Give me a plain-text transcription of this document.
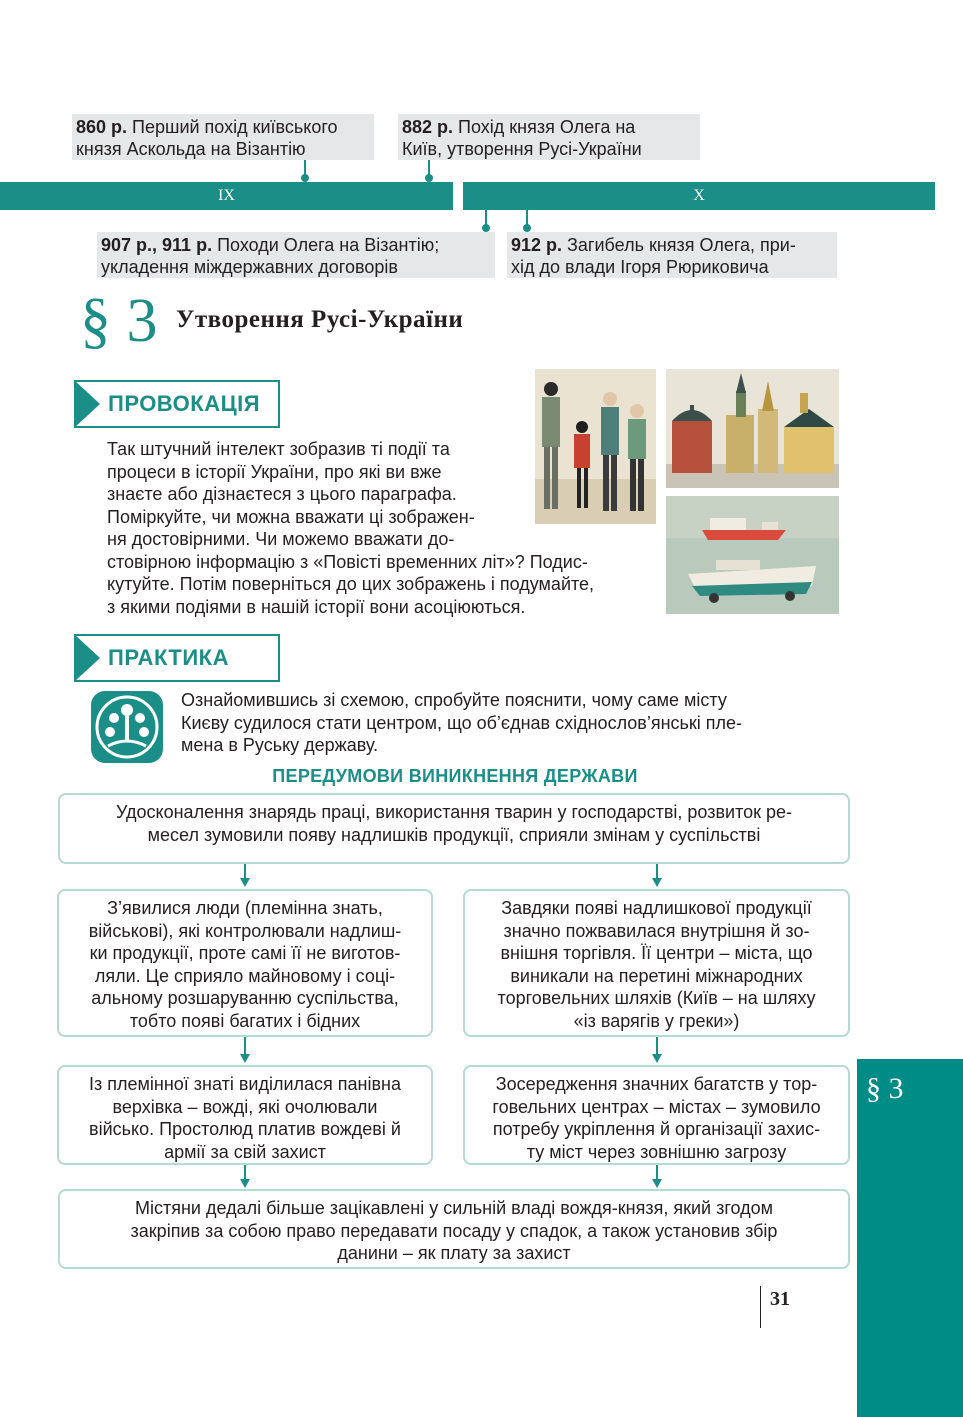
IX	X
860 р. Перший похід київського
князя Аскольда на Візантію
882 р. Похід князя Олега на
Київ, утворення Русі-України
907 р., 911 р. Походи Олега на Візантію;
укладення міждержавних договорів
912 р. Загибель князя Олега, при-
хід до влади Ігоря Рюриковича
§ 3 Утворення Русі-України
ПРОВОКАЦІЯ
Так штучний інтелект зобразив ті події та
процеси в історії України, про які ви вже
знаєте або дізнаєтеся з цього параграфа.
Поміркуйте, чи можна вважати ці зображен-
ня достовірними. Чи можемо вважати до-
стовірною інформацію з «Повісті временних літ»? Подис-
кутуйте. Потім поверніться до цих зображень і подумайте,
з якими подіями в нашій історії вони асоціюються.
ПРАКТИКА
Ознайомившись зі схемою, спробуйте пояснити, чому саме місту
Києву судилося стати центром, що об’єднав східнослов’янські пле-
мена в Руську державу.
ПЕРЕДУМОВИ ВИНИКНЕННЯ ДЕРЖАВИ
Удосконалення знарядь праці, використання тварин у господарстві, розвиток ре-
месел зумовили появу надлишків продукції, сприяли змінам у суспільстві
З’явилися люди (племінна знать,
військові), які контролювали надлиш-
ки продукції, проте самі її не виготов-
ляли. Це сприяло майновому і соці-
альному розшаруванню суспільства,
тобто появі багатих і бідних
Завдяки появі надлишкової продукції
значно пожвавилася внутрішня й зо-
внішня торгівля. Її центри – міста, що
виникали на перетині міжнародних
торговельних шляхів (Київ – на шляху
«із варягів у греки»)
Із племінної знаті виділилася панівна
верхівка – вожді, які очолювали
військо. Простолюд платив вождеві й
армії за свій захист
Зосередження значних багатств у тор-
говельних центрах – містах – зумовило
потребу укріплення й організації захис-
ту міст через зовнішню загрозу
Містяни дедалі більше зацікавлені у сильній владі вождя-князя, який згодом
закріпив за собою право передавати посаду у спадок, а також установив збір
данини – як плату за захист
§ 3
31
